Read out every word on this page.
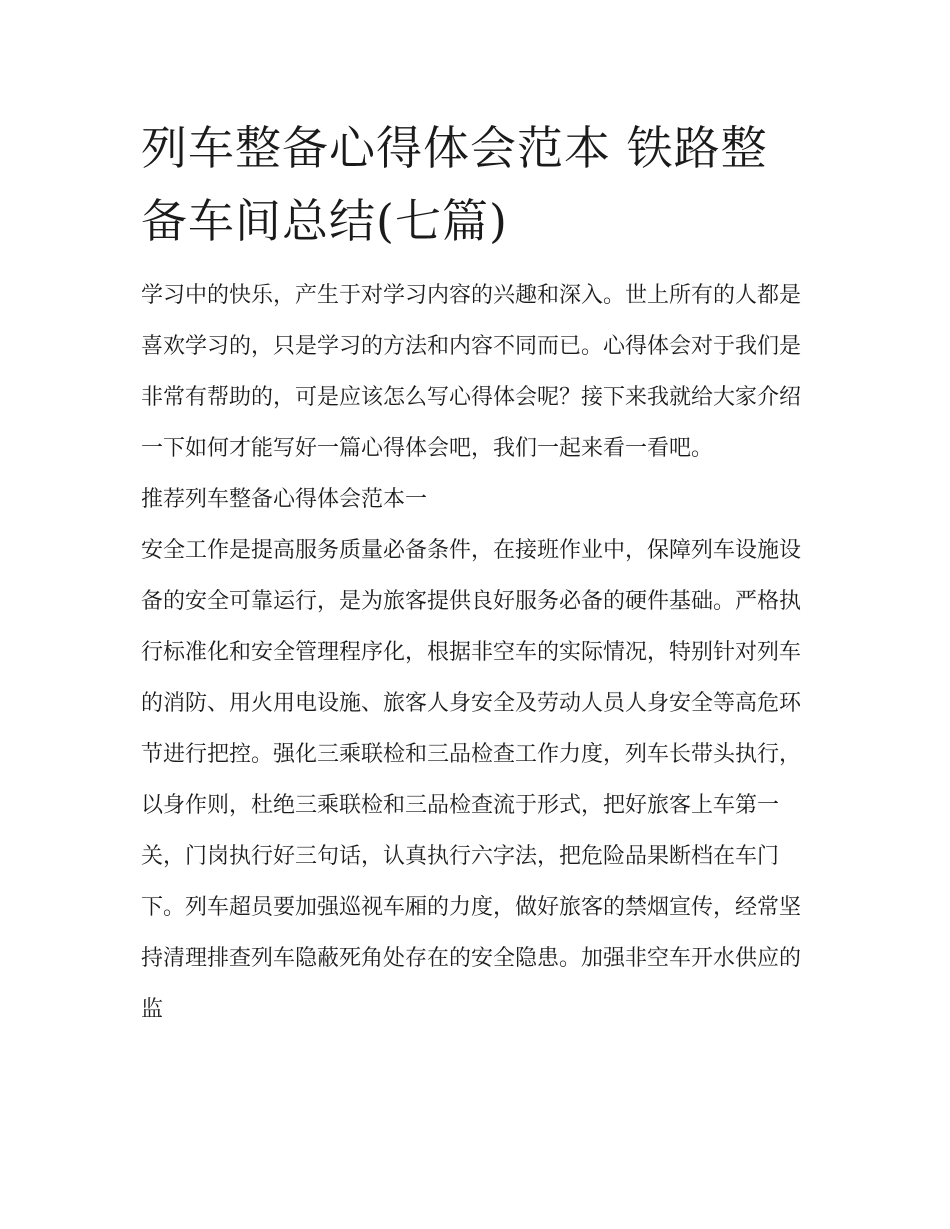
列车整备心得体会范本 铁路整备车间总结(七篇)

学习中的快乐，产生于对学习内容的兴趣和深入。世上所有的人都是喜欢学习的，只是学习的方法和内容不同而已。心得体会对于我们是非常有帮助的，可是应该怎么写心得体会呢？接下来我就给大家介绍一下如何才能写好一篇心得体会吧，我们一起来看一看吧。

推荐列车整备心得体会范本一

安全工作是提高服务质量必备条件，在接班作业中，保障列车设施设备的安全可靠运行，是为旅客提供良好服务必备的硬件基础。严格执行标准化和安全管理程序化，根据非空车的实际情况，特别针对列车的消防、用火用电设施、旅客人身安全及劳动人员人身安全等高危环节进行把控。强化三乘联检和三品检查工作力度，列车长带头执行，以身作则，杜绝三乘联检和三品检查流于形式，把好旅客上车第一关，门岗执行好三句话，认真执行六字法，把危险品果断档在车门下。列车超员要加强巡视车厢的力度，做好旅客的禁烟宣传，经常坚持清理排查列车隐蔽死角处存在的安全隐患。加强非空车开水供应的监
